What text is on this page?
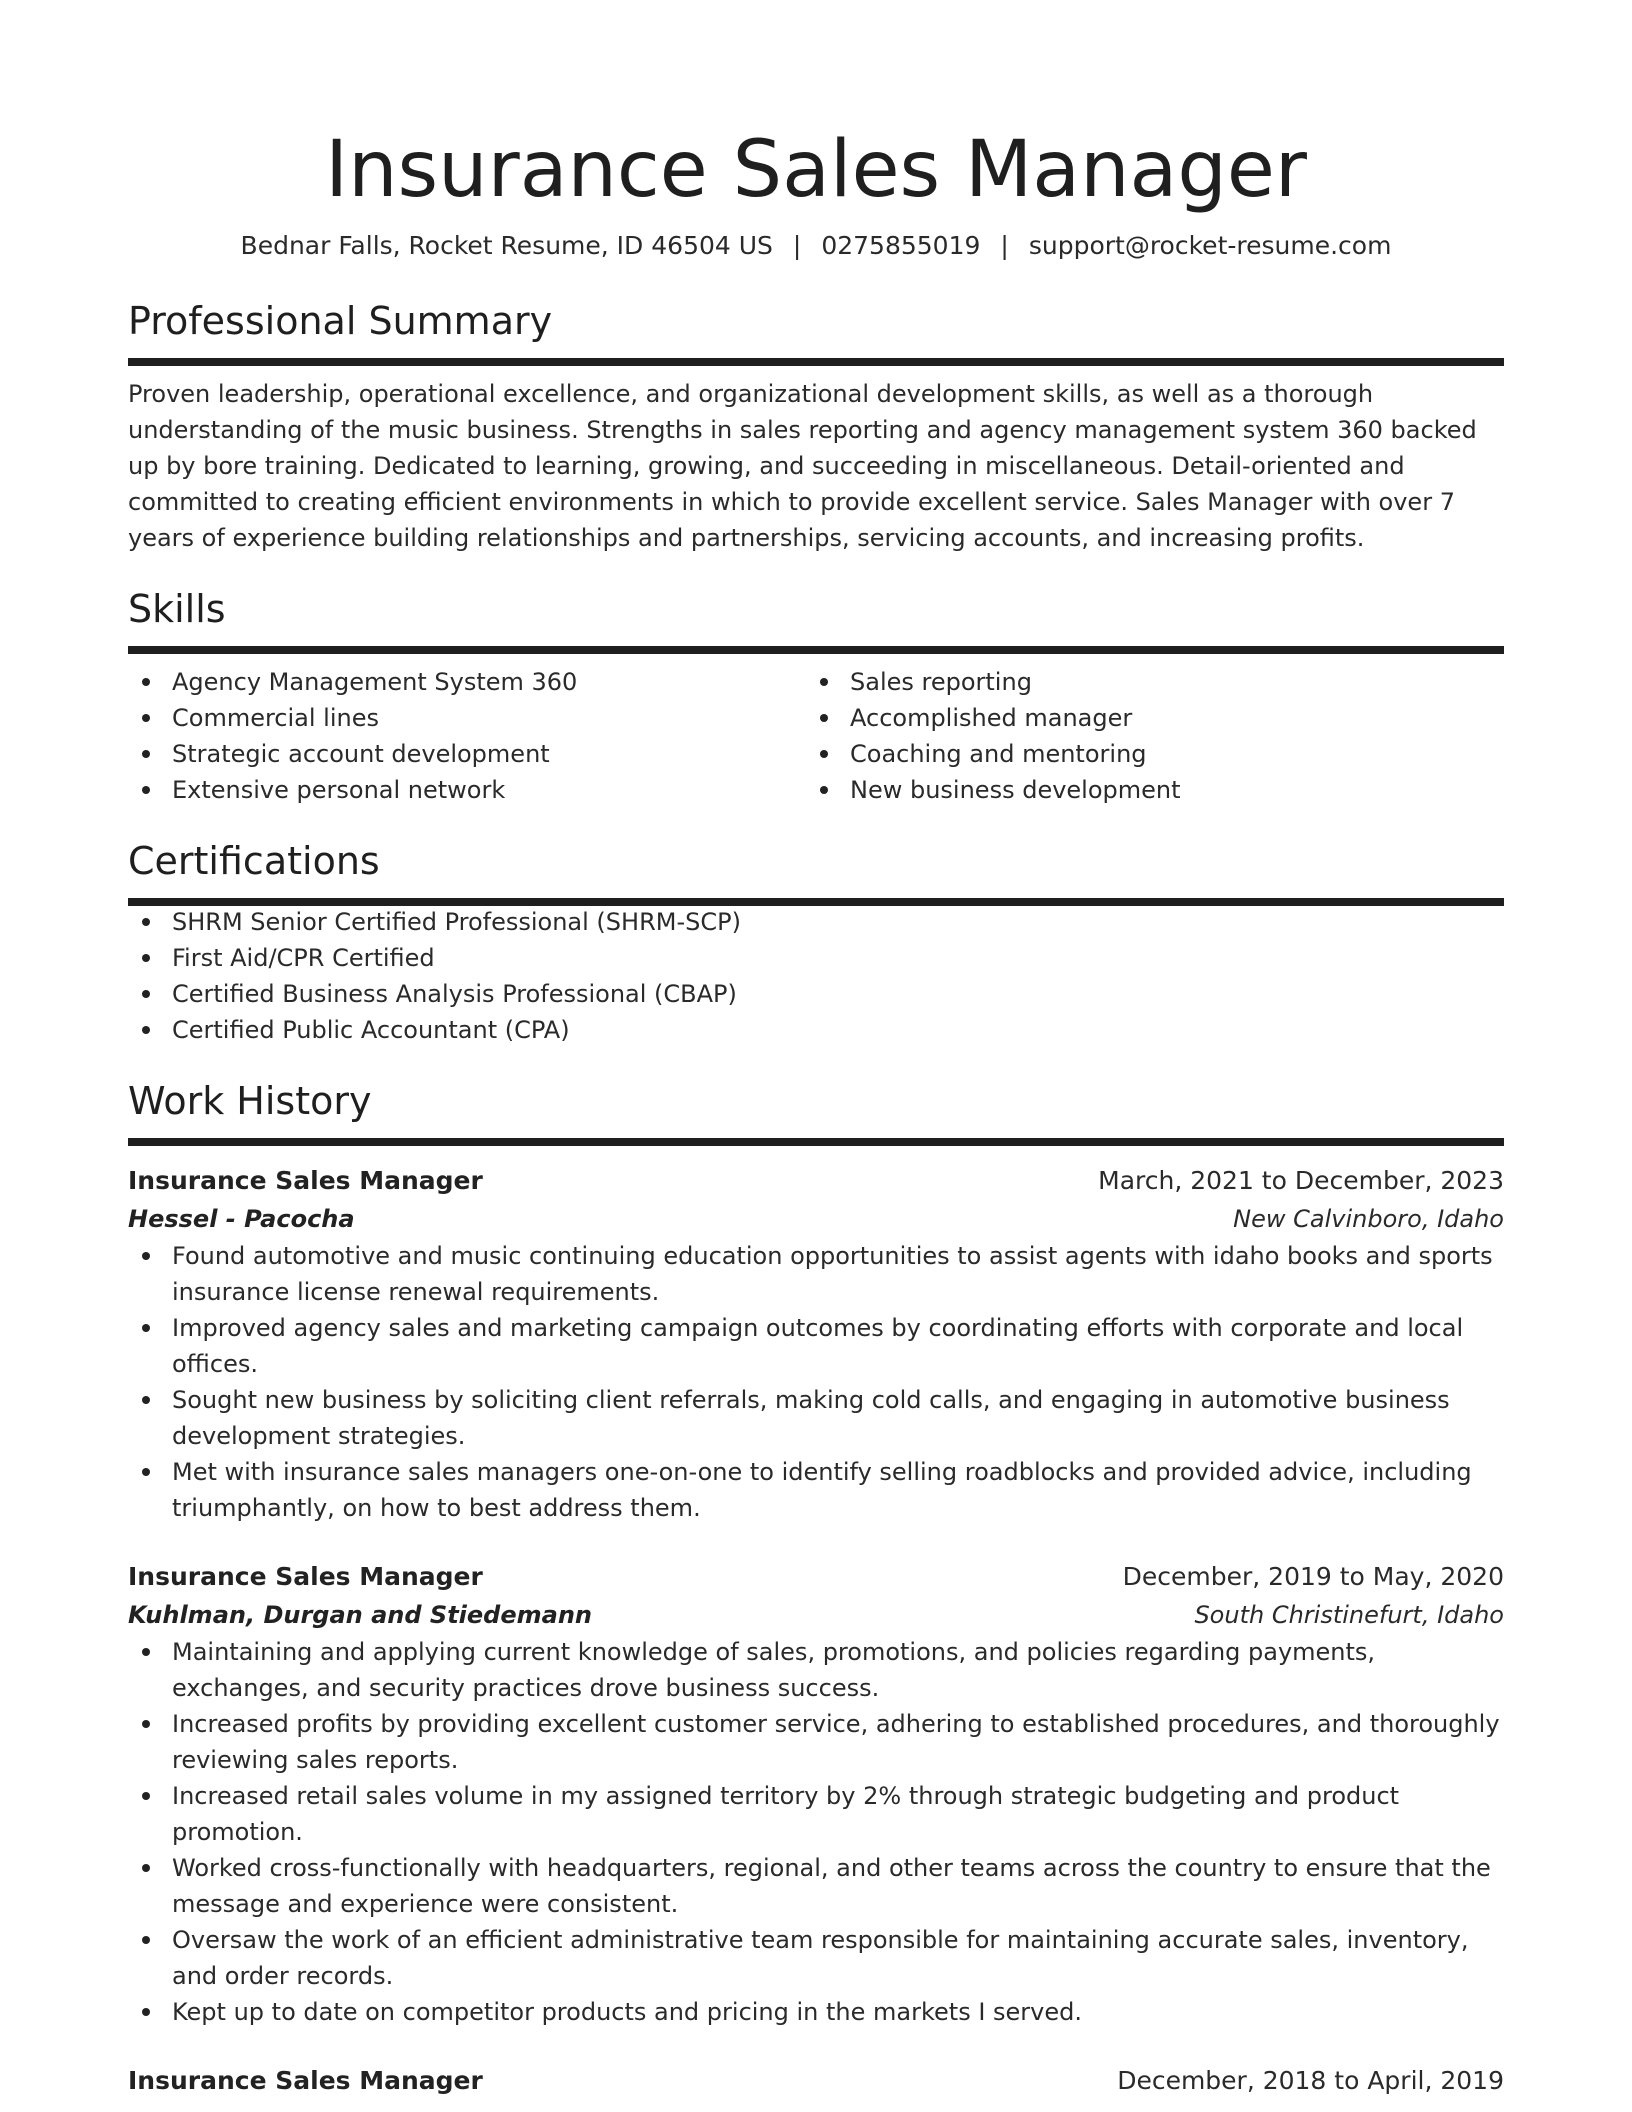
Insurance Sales Manager
Bednar Falls, Rocket Resume, ID 46504 US | 0275855019 | support@rocket-resume.com
Professional Summary
Proven leadership, operational excellence, and organizational development skills, as well as a thorough understanding of the music business. Strengths in sales reporting and agency management system 360 backed up by bore training. Dedicated to learning, growing, and succeeding in miscellaneous. Detail-oriented and committed to creating efficient environments in which to provide excellent service. Sales Manager with over 7 years of experience building relationships and partnerships, servicing accounts, and increasing profits.
Skills
Agency Management System 360
Commercial lines
Strategic account development
Extensive personal network
Sales reporting
Accomplished manager
Coaching and mentoring
New business development
Certifications
SHRM Senior Certified Professional (SHRM-SCP)
First Aid/CPR Certified
Certified Business Analysis Professional (CBAP)
Certified Public Accountant (CPA)
Work History
Insurance Sales Manager	March, 2021 to December, 2023
Hessel - Pacocha	New Calvinboro, Idaho
Found automotive and music continuing education opportunities to assist agents with idaho books and sports insurance license renewal requirements.
Improved agency sales and marketing campaign outcomes by coordinating efforts with corporate and local offices.
Sought new business by soliciting client referrals, making cold calls, and engaging in automotive business development strategies.
Met with insurance sales managers one-on-one to identify selling roadblocks and provided advice, including triumphantly, on how to best address them.
Insurance Sales Manager	December, 2019 to May, 2020
Kuhlman, Durgan and Stiedemann	South Christinefurt, Idaho
Maintaining and applying current knowledge of sales, promotions, and policies regarding payments, exchanges, and security practices drove business success.
Increased profits by providing excellent customer service, adhering to established procedures, and thoroughly reviewing sales reports.
Increased retail sales volume in my assigned territory by 2% through strategic budgeting and product promotion.
Worked cross-functionally with headquarters, regional, and other teams across the country to ensure that the message and experience were consistent.
Oversaw the work of an efficient administrative team responsible for maintaining accurate sales, inventory, and order records.
Kept up to date on competitor products and pricing in the markets I served.
Insurance Sales Manager	December, 2018 to April, 2019
